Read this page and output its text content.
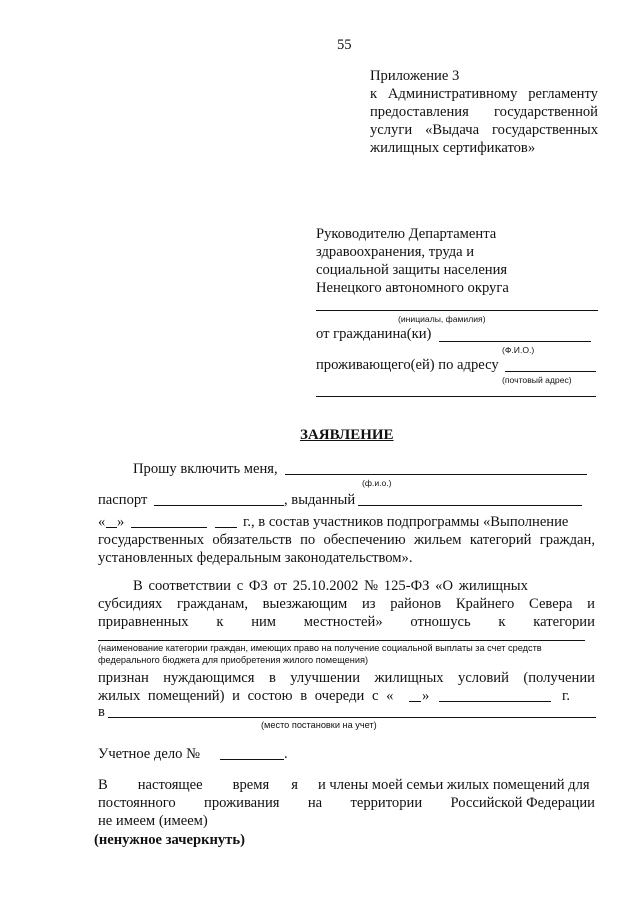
55
Приложение 3
к Административному регламенту
предоставления государственной
услуги «Выдача государственных
жилищных сертификатов»
Руководителю Департамента
здравоохранения, труда и
социальной защиты населения
Ненецкого автономного округа
(инициалы, фамилия)
от гражданина(ки)
(Ф.И.О.)
проживающего(ей) по адресу
(почтовый адрес)
ЗАЯВЛЕНИЕ
Прошу включить меня,
(ф.и.о.)
паспорт	, выданный
« »	г., в состав участников подпрограммы «Выполнение
государственных обязательств по обеспечению жильем категорий граждан,
установленных федеральным законодательством».
В соответствии с ФЗ от 25.10.2002 № 125-ФЗ «О жилищных
субсидиях гражданам, выезжающим из районов Крайнего Севера и
приравненных к ним местностей» отношусь к категории
(наименование категории граждан, имеющих право на получение социальной выплаты за счет средств
федерального бюджета для приобретения жилого помещения)
признан нуждающимся в улучшении жилищных условий (получении
жилых помещений) и состою в очереди с « »	г.
в
(место постановки на учет)
Учетное дело №	.
В настоящее время я и члены моей семьи жилых помещений для
постоянного проживания на территории Российской Федерации
не имеем (имеем)
(ненужное зачеркнуть)
